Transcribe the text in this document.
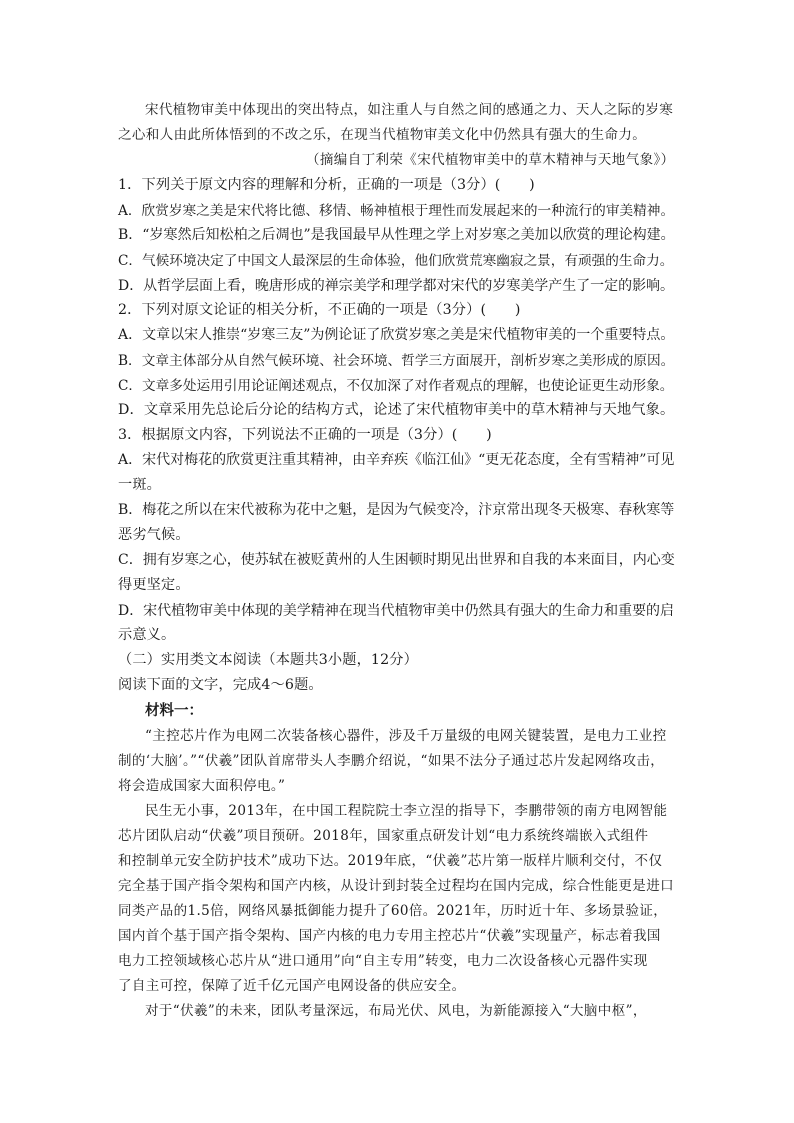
宋代植物审美中体现出的突出特点，如注重人与自然之间的感通之力、天人之际的岁寒
之心和人由此所体悟到的不改之乐，在现当代植物审美文化中仍然具有强大的生命力。
（摘编自丁利荣《宋代植物审美中的草木精神与天地气象》）
1．下列关于原文内容的理解和分析，正确的一项是（3分）(　　)
A．欣赏岁寒之美是宋代将比德、移情、畅神植根于理性而发展起来的一种流行的审美精神。
B．“岁寒然后知松柏之后凋也”是我国最早从性理之学上对岁寒之美加以欣赏的理论构建。
C．气候环境决定了中国文人最深层的生命体验，他们欣赏荒寒幽寂之景，有顽强的生命力。
D．从哲学层面上看，晚唐形成的禅宗美学和理学都对宋代的岁寒美学产生了一定的影响。
2．下列对原文论证的相关分析，不正确的一项是（3分）(　　)
A．文章以宋人推崇“岁寒三友”为例论证了欣赏岁寒之美是宋代植物审美的一个重要特点。
B．文章主体部分从自然气候环境、社会环境、哲学三方面展开，剖析岁寒之美形成的原因。
C．文章多处运用引用论证阐述观点，不仅加深了对作者观点的理解，也使论证更生动形象。
D．文章采用先总论后分论的结构方式，论述了宋代植物审美中的草木精神与天地气象。
3．根据原文内容，下列说法不正确的一项是（3分）(　　)
A．宋代对梅花的欣赏更注重其精神，由辛弃疾《临江仙》“更无花态度，全有雪精神”可见
一斑。
B．梅花之所以在宋代被称为花中之魁，是因为气候变冷，汴京常出现冬天极寒、春秋寒等
恶劣气候。
C．拥有岁寒之心，使苏轼在被贬黄州的人生困顿时期见出世界和自我的本来面目，内心变
得更坚定。
D．宋代植物审美中体现的美学精神在现当代植物审美中仍然具有强大的生命力和重要的启
示意义。
（二）实用类文本阅读（本题共3小题，12分）
阅读下面的文字，完成4～6题。
材料一：
“主控芯片作为电网二次装备核心器件，涉及千万量级的电网关键装置，是电力工业控
制的‘大脑’。”“伏羲”团队首席带头人李鹏介绍说，“如果不法分子通过芯片发起网络攻击，
将会造成国家大面积停电。”
民生无小事，2013年，在中国工程院院士李立浧的指导下，李鹏带领的南方电网智能
芯片团队启动“伏羲”项目预研。2018年，国家重点研发计划“电力系统终端嵌入式组件
和控制单元安全防护技术”成功下达。2019年底，“伏羲”芯片第一版样片顺利交付，不仅
完全基于国产指令架构和国产内核，从设计到封装全过程均在国内完成，综合性能更是进口
同类产品的1.5倍，网络风暴抵御能力提升了60倍。2021年，历时近十年、多场景验证，
国内首个基于国产指令架构、国产内核的电力专用主控芯片“伏羲”实现量产，标志着我国
电力工控领域核心芯片从“进口通用”向“自主专用”转变，电力二次设备核心元器件实现
了自主可控，保障了近千亿元国产电网设备的供应安全。
对于“伏羲”的未来，团队考量深远，布局光伏、风电，为新能源接入“大脑中枢”，
